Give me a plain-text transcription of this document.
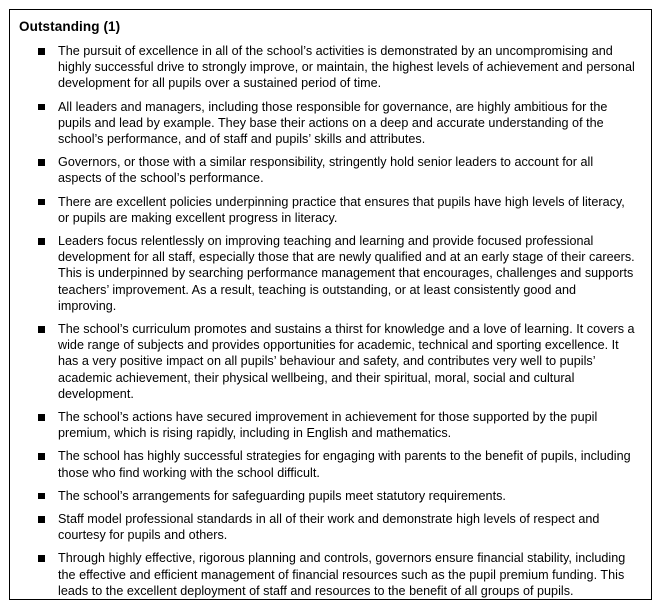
Outstanding (1)
The pursuit of excellence in all of the school’s activities is demonstrated by an uncompromising and highly successful drive to strongly improve, or maintain, the highest levels of achievement and personal development for all pupils over a sustained period of time.
All leaders and managers, including those responsible for governance, are highly ambitious for the pupils and lead by example. They base their actions on a deep and accurate understanding of the school’s performance, and of staff and pupils’ skills and attributes.
Governors, or those with a similar responsibility, stringently hold senior leaders to account for all aspects of the school’s performance.
There are excellent policies underpinning practice that ensures that pupils have high levels of literacy, or pupils are making excellent progress in literacy.
Leaders focus relentlessly on improving teaching and learning and provide focused professional development for all staff, especially those that are newly qualified and at an early stage of their careers. This is underpinned by searching performance management that encourages, challenges and supports teachers’ improvement. As a result, teaching is outstanding, or at least consistently good and improving.
The school’s curriculum promotes and sustains a thirst for knowledge and a love of learning. It covers a wide range of subjects and provides opportunities for academic, technical and sporting excellence. It has a very positive impact on all pupils’ behaviour and safety, and contributes very well to pupils’ academic achievement, their physical wellbeing, and their spiritual, moral, social and cultural development.
The school’s actions have secured improvement in achievement for those supported by the pupil premium, which is rising rapidly, including in English and mathematics.
The school has highly successful strategies for engaging with parents to the benefit of pupils, including those who find working with the school difficult.
The school’s arrangements for safeguarding pupils meet statutory requirements.
Staff model professional standards in all of their work and demonstrate high levels of respect and courtesy for pupils and others.
Through highly effective, rigorous planning and controls, governors ensure financial stability, including the effective and efficient management of financial resources such as the pupil premium funding. This leads to the excellent deployment of staff and resources to the benefit of all groups of pupils.
